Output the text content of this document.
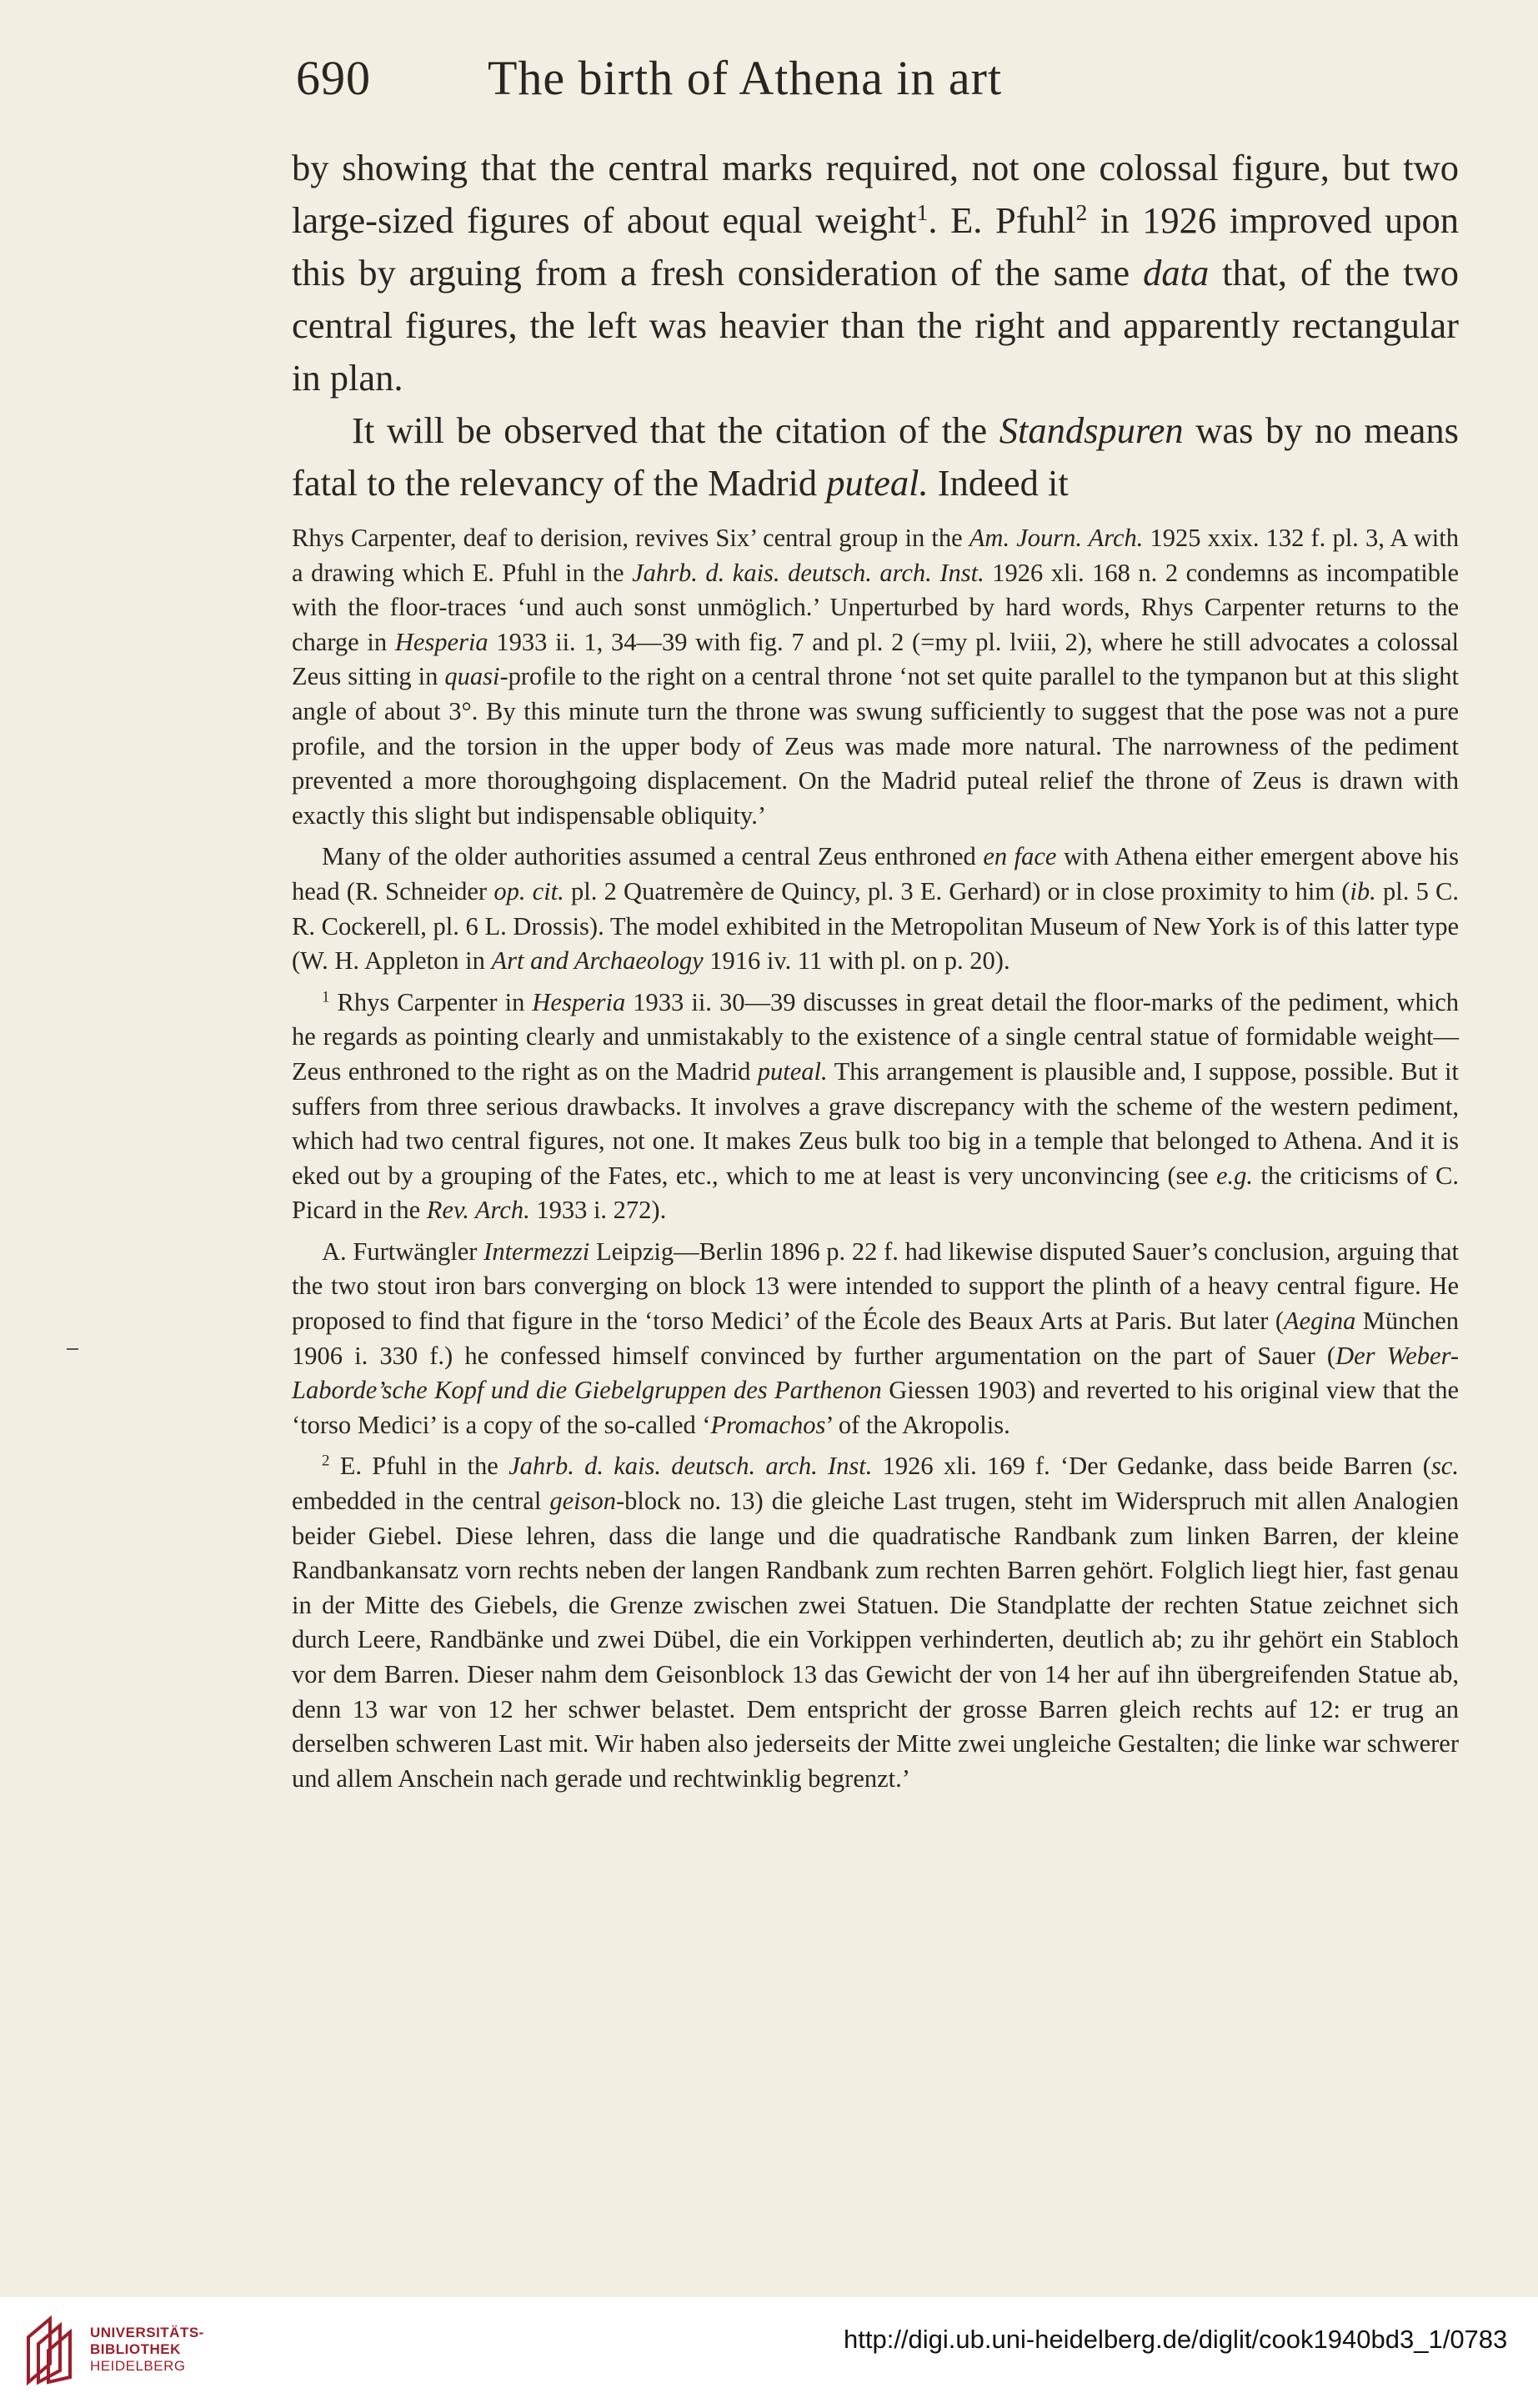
690 The birth of Athena in art

by showing that the central marks required, not one colossal figure, but two large-sized figures of about equal weight$^1$. E. Pfuhl$^2$ in 1926 improved upon this by arguing from a fresh consideration of the same data that, of the two central figures, the left was heavier than the right and apparently rectangular in plan.

It will be observed that the citation of the Standspuren was by no means fatal to the relevancy of the Madrid puteal. Indeed it

Rhys Carpenter, deaf to derision, revives Six’ central group in the Am. Journ. Arch. 1925 xxix. 132 f. pl. 3, A with a drawing which E. Pfuhl in the Jahrb. d. kais. deutsch. arch. Inst. 1926 xli. 168 n. 2 condemns as incompatible with the floor-traces ‘und auch sonst unmöglich.’ Unperturbed by hard words, Rhys Carpenter returns to the charge in Hesperia 1933 ii. 1, 34—39 with fig. 7 and pl. 2 (=my pl. lviii, 2), where he still advocates a colossal Zeus sitting in quasi-profile to the right on a central throne ‘not set quite parallel to the tympanon but at this slight angle of about 3°. By this minute turn the throne was swung sufficiently to suggest that the pose was not a pure profile, and the torsion in the upper body of Zeus was made more natural. The narrowness of the pediment prevented a more thoroughgoing displacement. On the Madrid puteal relief the throne of Zeus is drawn with exactly this slight but indispensable obliquity.’

Many of the older authorities assumed a central Zeus enthroned en face with Athena either emergent above his head (R. Schneider op. cit. pl. 2 Quatremère de Quincy, pl. 3 E. Gerhard) or in close proximity to him (ib. pl. 5 C. R. Cockerell, pl. 6 L. Drossis). The model exhibited in the Metropolitan Museum of New York is of this latter type (W. H. Appleton in Art and Archaeology 1916 iv. 11 with pl. on p. 20).

$^1$ Rhys Carpenter in Hesperia 1933 ii. 30—39 discusses in great detail the floor-marks of the pediment, which he regards as pointing clearly and unmistakably to the existence of a single central statue of formidable weight—Zeus enthroned to the right as on the Madrid puteal. This arrangement is plausible and, I suppose, possible. But it suffers from three serious drawbacks. It involves a grave discrepancy with the scheme of the western pediment, which had two central figures, not one. It makes Zeus bulk too big in a temple that belonged to Athena. And it is eked out by a grouping of the Fates, etc., which to me at least is very unconvincing (see e.g. the criticisms of C. Picard in the Rev. Arch. 1933 i. 272).

A. Furtwängler Intermezzi Leipzig—Berlin 1896 p. 22 f. had likewise disputed Sauer’s conclusion, arguing that the two stout iron bars converging on block 13 were intended to support the plinth of a heavy central figure. He proposed to find that figure in the ‘torso Medici’ of the École des Beaux Arts at Paris. But later (Aegina München 1906 i. 330 f.) he confessed himself convinced by further argumentation on the part of Sauer (Der Weber-Laborde’sche Kopf und die Giebelgruppen des Parthenon Giessen 1903) and reverted to his original view that the ‘torso Medici’ is a copy of the so-called ‘Promachos’ of the Akropolis.

$^2$ E. Pfuhl in the Jahrb. d. kais. deutsch. arch. Inst. 1926 xli. 169 f. ‘Der Gedanke, dass beide Barren (sc. embedded in the central geison-block no. 13) die gleiche Last trugen, steht im Widerspruch mit allen Analogien beider Giebel. Diese lehren, dass die lange und die quadratische Randbank zum linken Barren, der kleine Randbankansatz vorn rechts neben der langen Randbank zum rechten Barren gehört. Folglich liegt hier, fast genau in der Mitte des Giebels, die Grenze zwischen zwei Statuen. Die Standplatte der rechten Statue zeichnet sich durch Leere, Randbänke und zwei Dübel, die ein Vorkippen verhinderten, deutlich ab; zu ihr gehört ein Stabloch vor dem Barren. Dieser nahm dem Geisonblock 13 das Gewicht der von 14 her auf ihn übergreifenden Statue ab, denn 13 war von 12 her schwer belastet. Dem entspricht der grosse Barren gleich rechts auf 12: er trug an derselben schweren Last mit. Wir haben also jederseits der Mitte zwei ungleiche Gestalten; die linke war schwerer und allem Anschein nach gerade und rechtwinklig begrenzt.’

UNIVERSITÄTS-
BIBLIOTHEK
HEIDELBERG
http://digi.ub.uni-heidelberg.de/diglit/cook1940bd3_1/0783
